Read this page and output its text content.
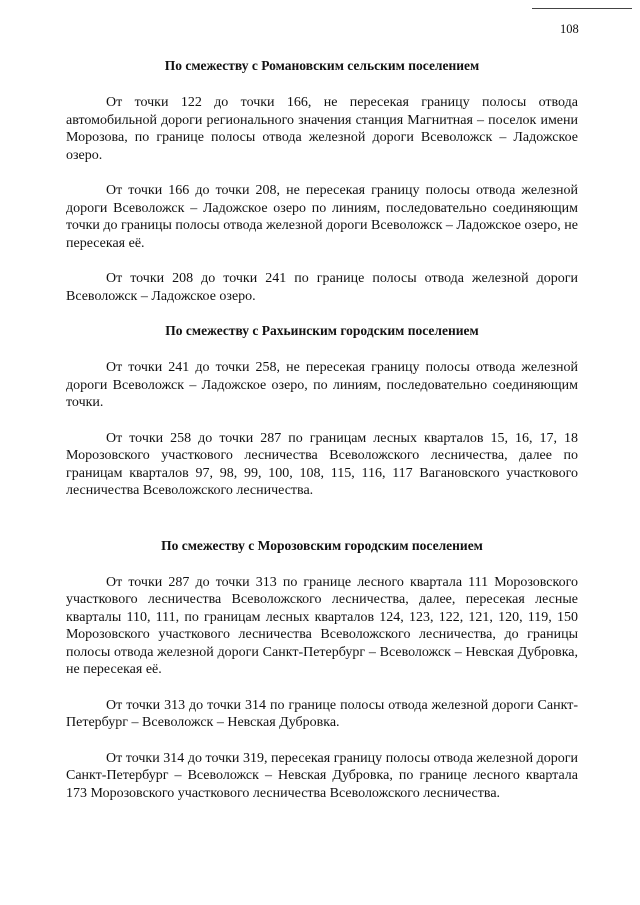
108
По смежеству с Романовским сельским поселением

От точки 122 до точки 166, не пересекая границу полосы отвода автомобильной дороги регионального значения станция Магнитная – поселок имени Морозова, по границе полосы отвода железной дороги Всеволожск – Ладожское озеро.

От точки 166 до точки 208, не пересекая границу полосы отвода железной дороги Всеволожск – Ладожское озеро по линиям, последовательно соединяющим точки до границы полосы отвода железной дороги Всеволожск – Ладожское озеро, не пересекая её.

От точки 208 до точки 241 по границе полосы отвода железной дороги Всеволожск – Ладожское озеро.

По смежеству с Рахьинским городским поселением

От точки 241 до точки 258, не пересекая границу полосы отвода железной дороги Всеволожск – Ладожское озеро, по линиям, последовательно соединяющим точки.

От точки 258 до точки 287 по границам лесных кварталов 15, 16, 17, 18 Морозовского участкового лесничества Всеволожского лесничества, далее по границам кварталов 97, 98, 99, 100, 108, 115, 116, 117 Вагановского участкового лесничества Всеволожского лесничества.

По смежеству с Морозовским городским поселением

От точки 287 до точки 313 по границе лесного квартала 111 Морозовского участкового лесничества Всеволожского лесничества, далее, пересекая лесные кварталы 110, 111, по границам лесных кварталов 124, 123, 122, 121, 120, 119, 150 Морозовского участкового лесничества Всеволожского лесничества, до границы полосы отвода железной дороги Санкт-Петербург – Всеволожск – Невская Дубровка, не пересекая её.

От точки 313 до точки 314 по границе полосы отвода железной дороги Санкт-Петербург – Всеволожск – Невская Дубровка.

От точки 314 до точки 319, пересекая границу полосы отвода железной дороги Санкт-Петербург – Всеволожск – Невская Дубровка, по границе лесного квартала 173 Морозовского участкового лесничества Всеволожского лесничества.
